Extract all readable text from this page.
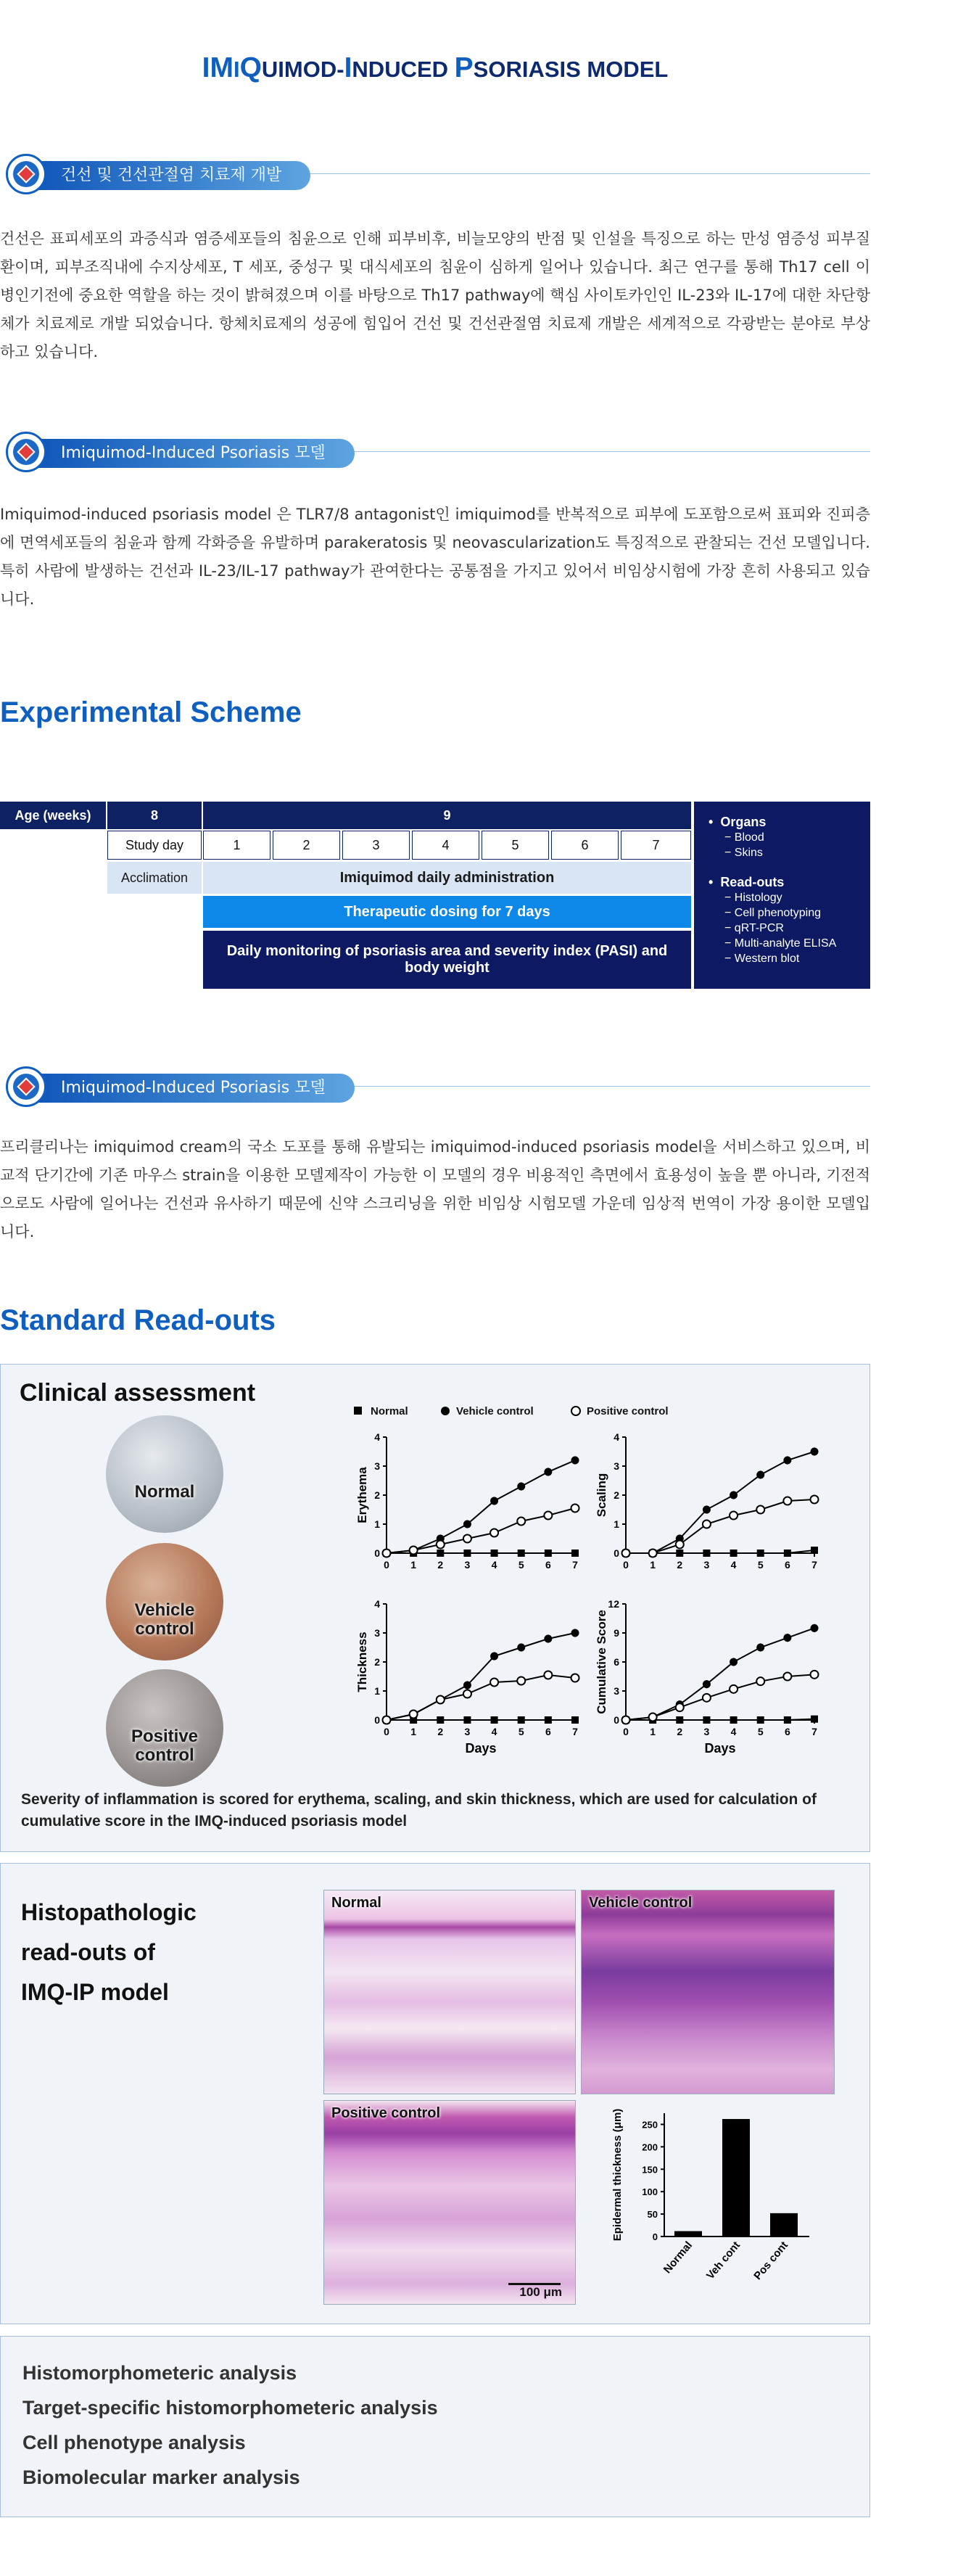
IMIQUIMOD-INDUCED PSORIASIS MODEL
건선 및 건선관절염 치료제 개발
건선은 표피세포의 과증식과 염증세포들의 침윤으로 인해 피부비후, 비늘모양의 반점 및 인설을 특징으로 하는 만성 염증성 피부질환이며, 피부조직내에 수지상세포, T 세포, 중성구 및 대식세포의 침윤이 심하게 일어나 있습니다. 최근 연구를 통해 Th17 cell 이 병인기전에 중요한 역할을 하는 것이 밝혀졌으며 이를 바탕으로 Th17 pathway에 핵심 사이토카인인 IL-23와 IL-17에 대한 차단항체가 치료제로 개발 되었습니다. 항체치료제의 성공에 힘입어 건선 및 건선관절염 치료제 개발은 세계적으로 각광받는 분야로 부상하고 있습니다.
Imiquimod-Induced Psoriasis 모델
Imiquimod-induced psoriasis model 은 TLR7/8 antagonist인 imiquimod를 반복적으로 피부에 도포함으로써 표피와 진피층에 면역세포들의 침윤과 함께 각화증을 유발하며 parakeratosis 및 neovascularization도 특징적으로 관찰되는 건선 모델입니다. 특히 사람에 발생하는 건선과 IL-23/IL-17 pathway가 관여한다는 공통점을 가지고 있어서 비임상시험에 가장 흔히 사용되고 있습니다.
Experimental Scheme
Age (weeks)	8	9
Study day	1	2	3	4	5	6	7
Acclimation	Imiquimod daily administration
Therapeutic dosing for 7 days
Daily monitoring of psoriasis area and severity index (PASI) and body weight
•  Organs
− Blood
− Skins
•  Read-outs
− Histology
− Cell phenotyping
− qRT-PCR
− Multi-analyte ELISA
− Western blot
Imiquimod-Induced Psoriasis 모델
프리클리나는 imiquimod cream의 국소 도포를 통해 유발되는 imiquimod-induced psoriasis model을 서비스하고 있으며, 비교적 단기간에 기존 마우스 strain을 이용한 모델제작이 가능한 이 모델의 경우 비용적인 측면에서 효용성이 높을 뿐 아니라, 기전적으로도 사람에 일어나는 건선과 유사하기 때문에 신약 스크리닝을 위한 비임상 시험모델 가운데 임상적 번역이 가장 용이한 모델입니다.
Standard Read-outs
Clinical assessment
Normal
Vehicle control
Positive control
Normal	Vehicle control	Positive control
0
1
2
3
4
0 1 2 3 4 5 6 7
Erythema
0
1
2
3
4
0 1 2 3 4 5 6 7
Scaling
0
1
2
3
4
0 1 2 3 4 5 6 7
Thickness
Days
0
3
6
9
12
0 1 2 3 4 5 6 7
Cumulative Score
Days
Severity of inflammation is scored for erythema, scaling, and skin thickness, which are used for calculation of cumulative score in the IMQ-induced psoriasis model
Histopathologic
read-outs of
IMQ-IP model
Normal	Vehicle control
Positive control
100 μm
0
50
100
150
200
250
Normal Veh cont Pos cont
Epidermal thickness (μm)
Histomorphometeric analysis
Target-specific histomorphometeric analysis
Cell phenotype analysis
Biomolecular marker analysis
